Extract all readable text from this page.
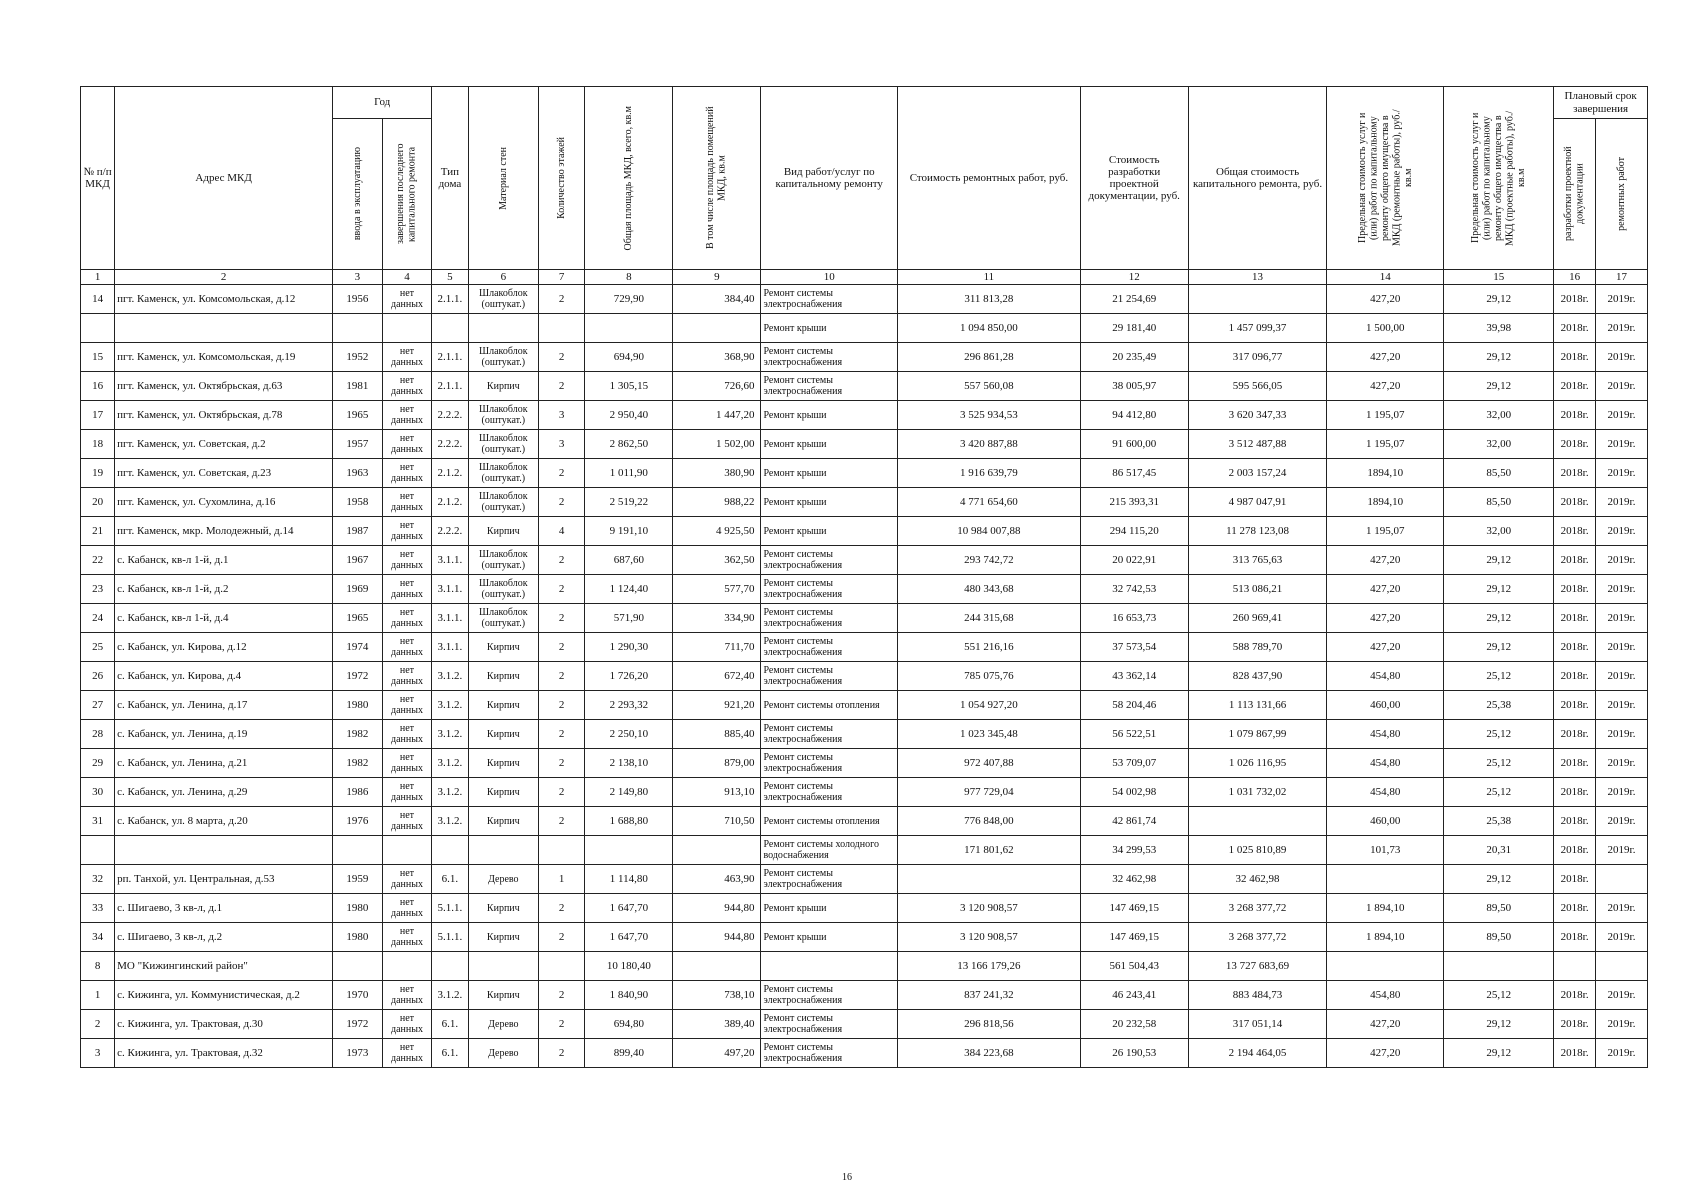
№ п/п МКД	Адрес МКД	Год		Тип дома	Материал стен	Количество этажей	Общая площадь МКД, всего, кв.м	В том числе площадь помещений МКД, кв.м	Вид работ/услуг по капитальному ремонту	Стоимость ремонтных работ, руб.	Стоимость разработки проектной документации, руб.	Общая стоимость капитального ремонта, руб.	Предельная стоимость услуг и (или) работ по капитальному ремонту общего имущества в МКД (ремонтные работы), руб./кв.м	Предельная стоимость услуг и (или) работ по капитальному ремонту общего имущества в МКД (проектные работы), руб./кв.м	Плановый срок завершения	

		ввода в эксплуатацию	завершения последнего капитального ремонта												разработки проектной документации	ремонтных работ

1	2	3	4	5	6	7	8	9	10	11	12	13	14	15	16	17
14	пгт. Каменск, ул. Комсомольская, д.12	1956	нет данных	2.1.1.	Шлакоблок (оштукат.)	2	729,90	384,40	Ремонт системы электроснабжения	311 813,28	21 254,69		427,20	29,12	2018г.	2019г.
									Ремонт крыши	1 094 850,00	29 181,40	1 457 099,37	1 500,00	39,98	2018г.	2019г.
15	пгт. Каменск, ул. Комсомольская, д.19	1952	нет данных	2.1.1.	Шлакоблок (оштукат.)	2	694,90	368,90	Ремонт системы электроснабжения	296 861,28	20 235,49	317 096,77	427,20	29,12	2018г.	2019г.
16	пгт. Каменск, ул. Октябрьская, д.63	1981	нет данных	2.1.1.	Кирпич	2	1 305,15	726,60	Ремонт системы электроснабжения	557 560,08	38 005,97	595 566,05	427,20	29,12	2018г.	2019г.
17	пгт. Каменск, ул. Октябрьская, д.78	1965	нет данных	2.2.2.	Шлакоблок (оштукат.)	3	2 950,40	1 447,20	Ремонт крыши	3 525 934,53	94 412,80	3 620 347,33	1 195,07	32,00	2018г.	2019г.
18	пгт. Каменск, ул. Советская, д.2	1957	нет данных	2.2.2.	Шлакоблок (оштукат.)	3	2 862,50	1 502,00	Ремонт крыши	3 420 887,88	91 600,00	3 512 487,88	1 195,07	32,00	2018г.	2019г.
19	пгт. Каменск, ул. Советская, д.23	1963	нет данных	2.1.2.	Шлакоблок (оштукат.)	2	1 011,90	380,90	Ремонт крыши	1 916 639,79	86 517,45	2 003 157,24	1894,10	85,50	2018г.	2019г.
20	пгт. Каменск, ул. Сухомлина, д.16	1958	нет данных	2.1.2.	Шлакоблок (оштукат.)	2	2 519,22	988,22	Ремонт крыши	4 771 654,60	215 393,31	4 987 047,91	1894,10	85,50	2018г.	2019г.
21	пгт. Каменск, мкр. Молодежный, д.14	1987	нет данных	2.2.2.	Кирпич	4	9 191,10	4 925,50	Ремонт крыши	10 984 007,88	294 115,20	11 278 123,08	1 195,07	32,00	2018г.	2019г.
22	с. Кабанск, кв-л 1-й, д.1	1967	нет данных	3.1.1.	Шлакоблок (оштукат.)	2	687,60	362,50	Ремонт системы электроснабжения	293 742,72	20 022,91	313 765,63	427,20	29,12	2018г.	2019г.
23	с. Кабанск, кв-л 1-й, д.2	1969	нет данных	3.1.1.	Шлакоблок (оштукат.)	2	1 124,40	577,70	Ремонт системы электроснабжения	480 343,68	32 742,53	513 086,21	427,20	29,12	2018г.	2019г.
24	с. Кабанск, кв-л 1-й, д.4	1965	нет данных	3.1.1.	Шлакоблок (оштукат.)	2	571,90	334,90	Ремонт системы электроснабжения	244 315,68	16 653,73	260 969,41	427,20	29,12	2018г.	2019г.
25	с. Кабанск, ул. Кирова, д.12	1974	нет данных	3.1.1.	Кирпич	2	1 290,30	711,70	Ремонт системы электроснабжения	551 216,16	37 573,54	588 789,70	427,20	29,12	2018г.	2019г.
26	с. Кабанск, ул. Кирова, д.4	1972	нет данных	3.1.2.	Кирпич	2	1 726,20	672,40	Ремонт системы электроснабжения	785 075,76	43 362,14	828 437,90	454,80	25,12	2018г.	2019г.
27	с. Кабанск, ул. Ленина, д.17	1980	нет данных	3.1.2.	Кирпич	2	2 293,32	921,20	Ремонт системы отопления	1 054 927,20	58 204,46	1 113 131,66	460,00	25,38	2018г.	2019г.
28	с. Кабанск, ул. Ленина, д.19	1982	нет данных	3.1.2.	Кирпич	2	2 250,10	885,40	Ремонт системы электроснабжения	1 023 345,48	56 522,51	1 079 867,99	454,80	25,12	2018г.	2019г.
29	с. Кабанск, ул. Ленина, д.21	1982	нет данных	3.1.2.	Кирпич	2	2 138,10	879,00	Ремонт системы электроснабжения	972 407,88	53 709,07	1 026 116,95	454,80	25,12	2018г.	2019г.
30	с. Кабанск, ул. Ленина, д.29	1986	нет данных	3.1.2.	Кирпич	2	2 149,80	913,10	Ремонт системы электроснабжения	977 729,04	54 002,98	1 031 732,02	454,80	25,12	2018г.	2019г.
31	с. Кабанск, ул. 8 марта, д.20	1976	нет данных	3.1.2.	Кирпич	2	1 688,80	710,50	Ремонт системы отопления	776 848,00	42 861,74		460,00	25,38	2018г.	2019г.
									Ремонт системы холодного водоснабжения	171 801,62	34 299,53	1 025 810,89	101,73	20,31	2018г.	2019г.
32	рп. Танхой, ул. Центральная, д.53	1959	нет данных	6.1.	Дерево	1	1 114,80	463,90	Ремонт системы электроснабжения		32 462,98	32 462,98		29,12	2018г.	
33	с. Шигаево, 3 кв-л, д.1	1980	нет данных	5.1.1.	Кирпич	2	1 647,70	944,80	Ремонт крыши	3 120 908,57	147 469,15	3 268 377,72	1 894,10	89,50	2018г.	2019г.
34	с. Шигаево, 3 кв-л, д.2	1980	нет данных	5.1.1.	Кирпич	2	1 647,70	944,80	Ремонт крыши	3 120 908,57	147 469,15	3 268 377,72	1 894,10	89,50	2018г.	2019г.
8	МО "Кижингинский район"						10 180,40			13 166 179,26	561 504,43	13 727 683,69				
1	с. Кижинга, ул. Коммунистическая, д.2	1970	нет данных	3.1.2.	Кирпич	2	1 840,90	738,10	Ремонт системы электроснабжения	837 241,32	46 243,41	883 484,73	454,80	25,12	2018г.	2019г.
2	с. Кижинга, ул. Трактовая, д.30	1972	нет данных	6.1.	Дерево	2	694,80	389,40	Ремонт системы электроснабжения	296 818,56	20 232,58	317 051,14	427,20	29,12	2018г.	2019г.
3	с. Кижинга, ул. Трактовая, д.32	1973	нет данных	6.1.	Дерево	2	899,40	497,20	Ремонт системы электроснабжения	384 223,68	26 190,53	2 194 464,05	427,20	29,12	2018г.	2019г.
16
